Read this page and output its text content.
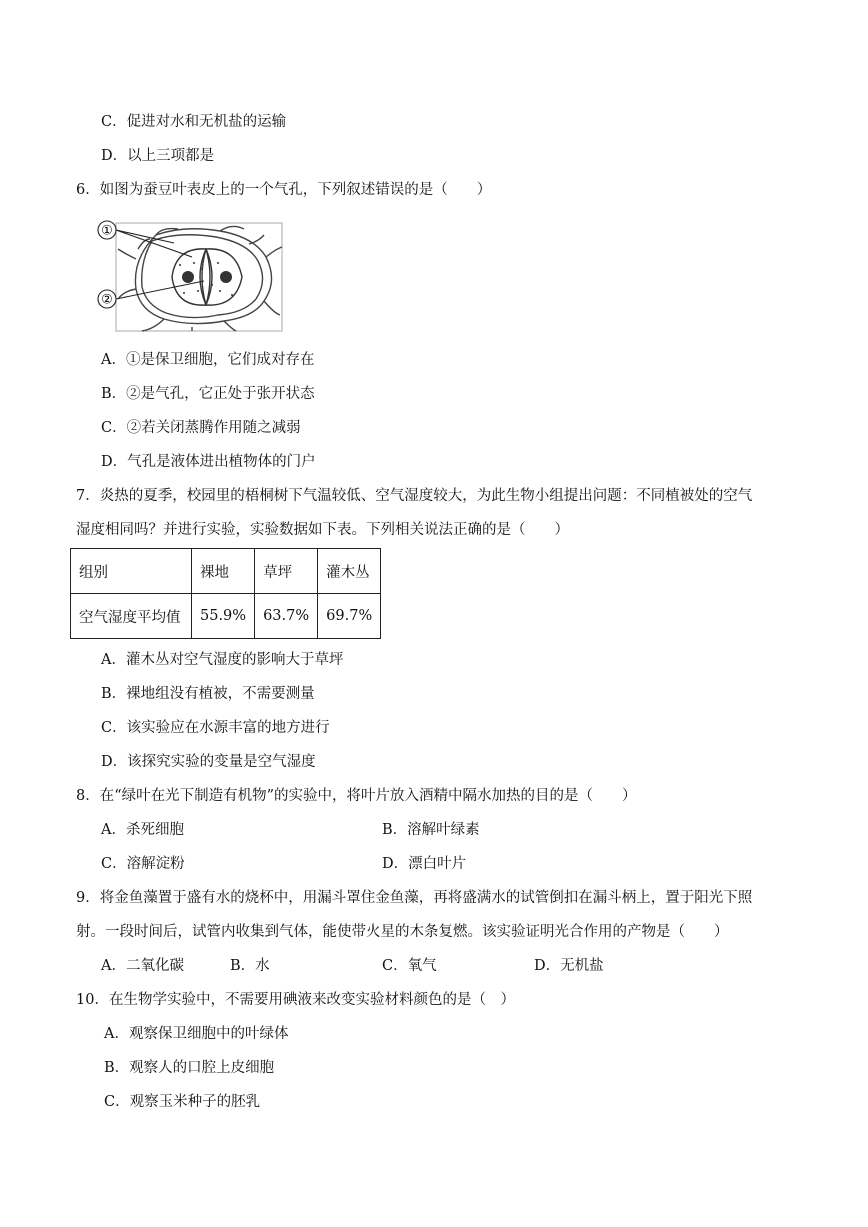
C．促进对水和无机盐的运输
D．以上三项都是
6．如图为蚕豆叶表皮上的一个气孔，下列叙述错误的是（　　）
①
②
A．①是保卫细胞，它们成对存在
B．②是气孔，它正处于张开状态
C．②若关闭蒸腾作用随之减弱
D．气孔是液体进出植物体的门户
7．炎热的夏季，校园里的梧桐树下气温较低、空气湿度较大，为此生物小组提出问题：不同植被处的空气
湿度相同吗？并进行实验，实验数据如下表。下列相关说法正确的是（　　）
组别	裸地	草坪	灌木丛
空气湿度平均值	55.9%	63.7%	69.7%
A．灌木丛对空气湿度的影响大于草坪
B．裸地组没有植被，不需要测量
C．该实验应在水源丰富的地方进行
D．该探究实验的变量是空气湿度
8．在“绿叶在光下制造有机物”的实验中，将叶片放入酒精中隔水加热的目的是（　　）
A．杀死细胞	B．溶解叶绿素
C．溶解淀粉	D．漂白叶片
9．将金鱼藻置于盛有水的烧杯中，用漏斗罩住金鱼藻，再将盛满水的试管倒扣在漏斗柄上，置于阳光下照
射。一段时间后，试管内收集到气体，能使带火星的木条复燃。该实验证明光合作用的产物是（　　）
A．二氧化碳	B．水	C．氧气	D．无机盐
10．在生物学实验中，不需要用碘液来改变实验材料颜色的是（　）
A．观察保卫细胞中的叶绿体
B．观察人的口腔上皮细胞
C．观察玉米种子的胚乳
